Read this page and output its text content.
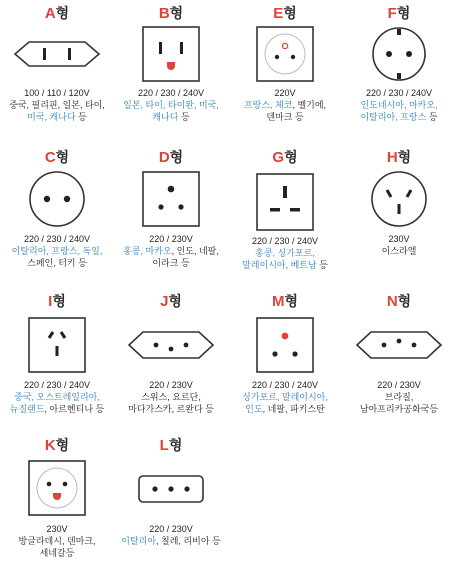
A형
100 / 110 / 120V
중국, 필리핀, 일본, 타이,
미국, 캐나다 등
B형
220 / 230 / 240V
일본, 타이, 타이완, 미국,
캐나다 등
E형
220V
프랑스, 체코, 벨기에,
덴마크 등
F형
220 / 230 / 240V
인도네시아, 마카오,
이탈리아, 프랑스 등
C형
220 / 230 / 240V
이탈리아, 프랑스, 독일,
스페인, 터키 등
D형
220 / 230V
홍콩, 마카오, 인도, 네팔,
이라크 등
G형
220 / 230 / 240V
홍콩, 싱가포르,
말레이시아, 베트남 등
H형
230V
이스라엘
I형
220 / 230 / 240V
중국, 오스트레일리아,
뉴질랜드, 아르헨티나 등
J형
220 / 230V
스위스, 요르단,
마다가스카, 르완다 등
M형
220 / 230 / 240V
싱가포르, 말레이시아,
인도, 네팔, 파키스탄
N형
220 / 230V
브라질, 남아프리카공화국등
K형
230V
방글라데시, 덴마크, 세네갈등
L형
220 / 230V
이탈리아, 칠레, 리비아 등
